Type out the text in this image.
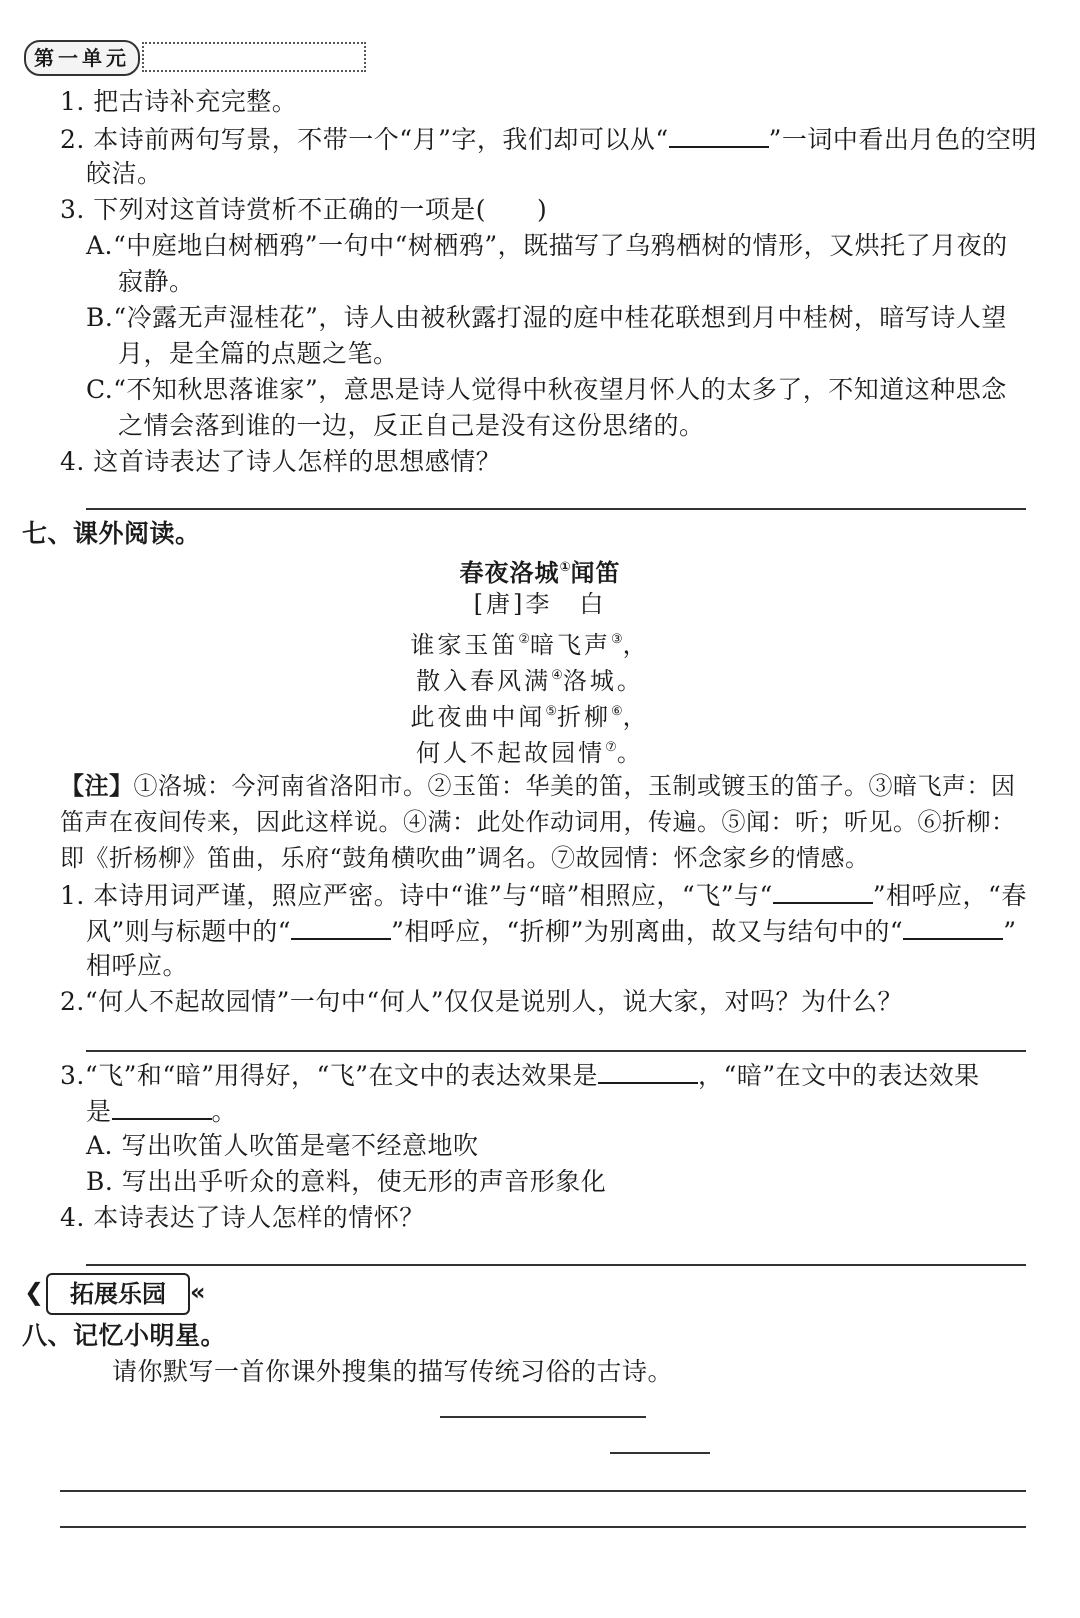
第一单元
1. 把古诗补充完整。
2. 本诗前两句写景，不带一个“月”字，我们却可以从“	”一词中看出月色的空明
皎洁。
3. 下列对这首诗赏析不正确的一项是(　　)
A.“中庭地白树栖鸦”一句中“树栖鸦”，既描写了乌鸦栖树的情形，又烘托了月夜的
寂静。
B.“冷露无声湿桂花”，诗人由被秋露打湿的庭中桂花联想到月中桂树，暗写诗人望
月，是全篇的点题之笔。
C.“不知秋思落谁家”，意思是诗人觉得中秋夜望月怀人的太多了，不知道这种思念
之情会落到谁的一边，反正自己是没有这份思绪的。
4. 这首诗表达了诗人怎样的思想感情？
七、课外阅读。
春夜洛城①闻笛
[唐]李　白
谁家玉笛②暗飞声③，
散入春风满④洛城。
此夜曲中闻⑤折柳⑥，
何人不起故园情⑦。
【注】①洛城：今河南省洛阳市。②玉笛：华美的笛，玉制或镀玉的笛子。③暗飞声：因
笛声在夜间传来，因此这样说。④满：此处作动词用，传遍。⑤闻：听；听见。⑥折柳：
即《折杨柳》笛曲，乐府“鼓角横吹曲”调名。⑦故园情：怀念家乡的情感。
1. 本诗用词严谨，照应严密。诗中“谁”与“暗”相照应，“飞”与“	”相呼应，“春
风”则与标题中的“	”相呼应，“折柳”为别离曲，故又与结句中的“	”
相呼应。
2.“何人不起故园情”一句中“何人”仅仅是说别人，说大家，对吗？为什么？
3.“飞”和“暗”用得好，“飞”在文中的表达效果是	，“暗”在文中的表达效果
是	。
A. 写出吹笛人吹笛是毫不经意地吹
B. 写出出乎听众的意料，使无形的声音形象化
4. 本诗表达了诗人怎样的情怀？
❮	拓展乐园	«
八、记忆小明星。
请你默写一首你课外搜集的描写传统习俗的古诗。
